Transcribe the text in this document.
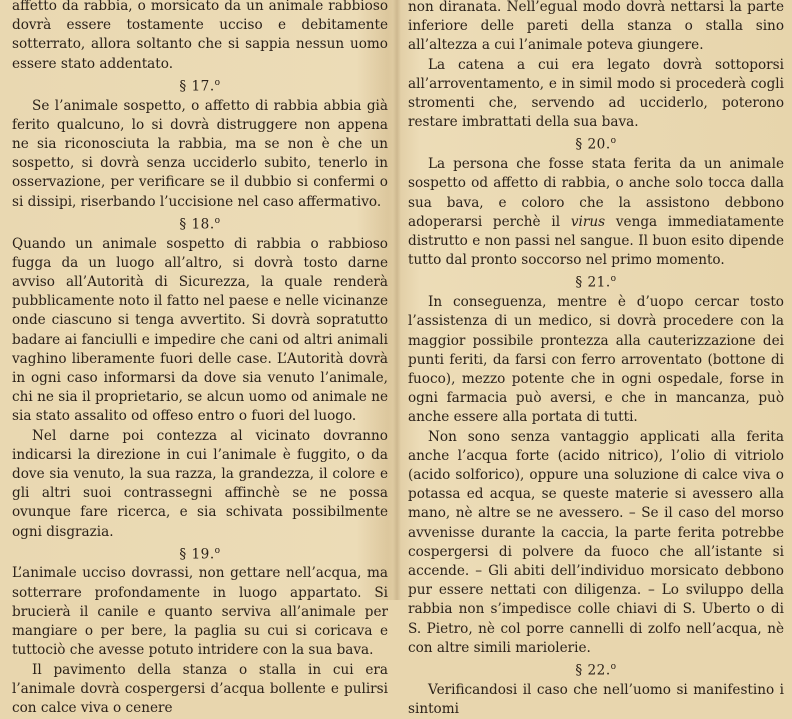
affetto da rabbia, o morsicato da un animale rabbioso dovrà essere tostamente ucciso e debitamente sotterrato, allora soltanto che si sappia nessun uomo essere stato addentato.

§ 17.$^o$

Se l’animale sospetto, o affetto di rabbia abbia già ferito qualcuno, lo si dovrà distruggere non appena ne sia riconosciuta la rabbia, ma se non è che un sospetto, si dovrà senza ucciderlo subito, tenerlo in osservazione, per verificare se il dubbio si confermi o si dissipi, riserbando l’uccisione nel caso affermativo.

§ 18.$^o$

Quando un animale sospetto di rabbia o rabbioso fugga da un luogo all’altro, si dovrà tosto darne avviso all’Autorità di Sicurezza, la quale renderà pubblicamente noto il fatto nel paese e nelle vicinanze onde ciascuno si tenga avvertito. Si dovrà sopratutto badare ai fanciulli e impedire che cani od altri animali vaghino liberamente fuori delle case. L’Autorità dovrà in ogni caso informarsi da dove sia venuto l’animale, chi ne sia il proprietario, se alcun uomo od animale ne sia stato assalito od offeso entro o fuori del luogo.

Nel darne poi contezza al vicinato dovranno indicarsi la direzione in cui l’animale è fuggito, o da dove sia venuto, la sua razza, la grandezza, il colore e gli altri suoi contrassegni affinchè se ne possa ovunque fare ricerca, e sia schivata possibilmente ogni disgrazia.

§ 19.$^o$

L’animale ucciso dovrassi, non gettare nell’acqua, ma sotterrare profondamente in luogo appartato. Si brucierà il canile e quanto serviva all’animale per mangiare o per bere, la paglia su cui si coricava e tuttociò che avesse potuto intridere con la sua bava.

Il pavimento della stanza o stalla in cui era l’animale dovrà cospergersi d’acqua bollente e pulirsi con calce viva o cenere

non diranata. Nell’egual modo dovrà nettarsi la parte inferiore delle pareti della stanza o stalla sino all’altezza a cui l’animale poteva giungere.

La catena a cui era legato dovrà sottoporsi all’arroventamento, e in simil modo si procederà cogli stromenti che, servendo ad ucciderlo, poterono restare imbrattati della sua bava.

§ 20.$^o$

La persona che fosse stata ferita da un animale sospetto od affetto di rabbia, o anche solo tocca dalla sua bava, e coloro che la assistono debbono adoperarsi perchè il virus venga immediatamente distrutto e non passi nel sangue. Il buon esito dipende tutto dal pronto soccorso nel primo momento.

§ 21.$^o$

In conseguenza, mentre è d’uopo cercar tosto l’assistenza di un medico, si dovrà procedere con la maggior possibile prontezza alla cauterizzazione dei punti feriti, da farsi con ferro arroventato (bottone di fuoco), mezzo potente che in ogni ospedale, forse in ogni farmacia può aversi, e che in mancanza, può anche essere alla portata di tutti.

Non sono senza vantaggio applicati alla ferita anche l’acqua forte (acido nitrico), l’olio di vitriolo (acido solforico), oppure una soluzione di calce viva o potassa ed acqua, se queste materie si avessero alla mano, nè altre se ne avessero. – Se il caso del morso avvenisse durante la caccia, la parte ferita potrebbe cospergersi di polvere da fuoco che all’istante si accende. – Gli abiti dell’individuo morsicato debbono pur essere nettati con diligenza. – Lo sviluppo della rabbia non s’impedisce colle chiavi di S. Uberto o di S. Pietro, nè col porre cannelli di zolfo nell’acqua, nè con altre simili mariolerie.

§ 22.$^o$

Verificandosi il caso che nell’uomo si manifestino i sintomi
